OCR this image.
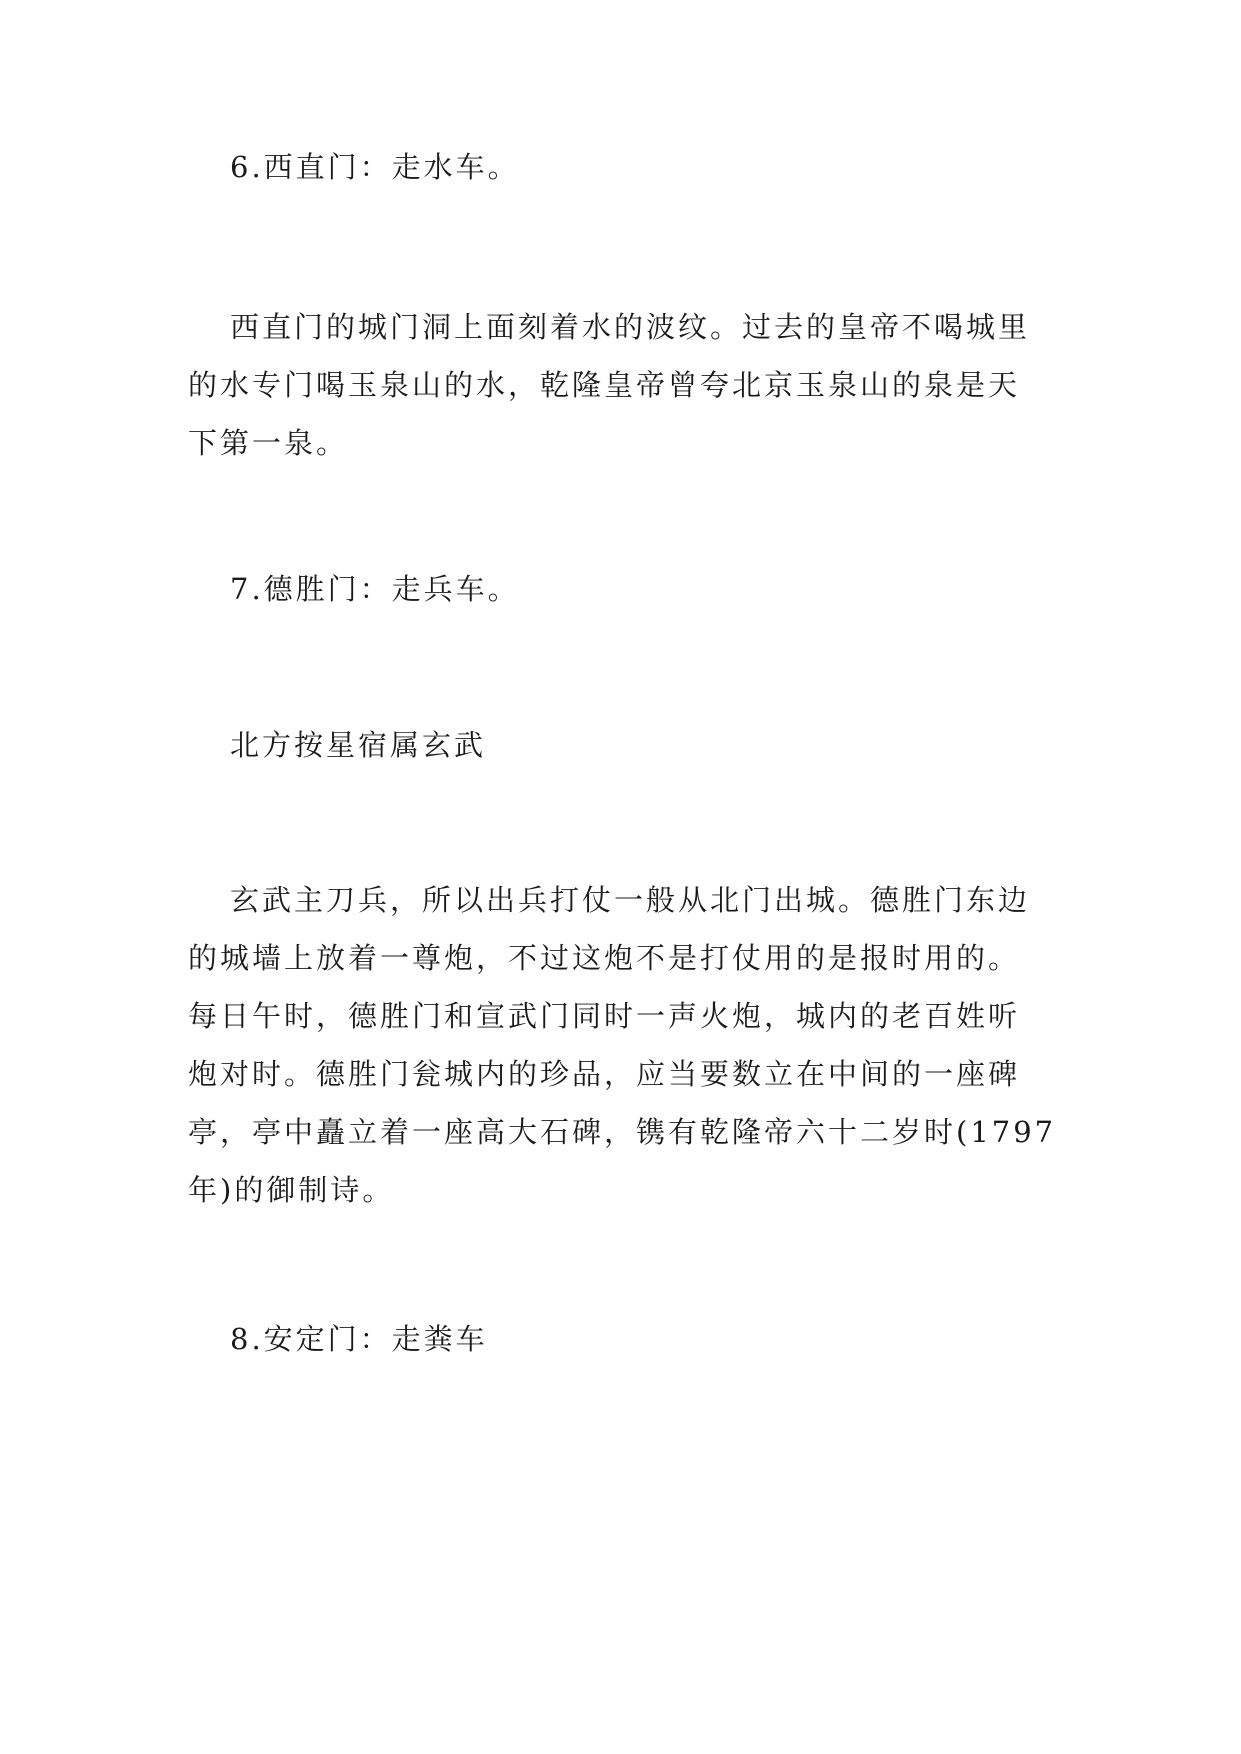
6.西直门：走水车。

西直门的城门洞上面刻着水的波纹。过去的皇帝不喝城里
的水专门喝玉泉山的水，乾隆皇帝曾夸北京玉泉山的泉是天
下第一泉。

7.德胜门：走兵车。

北方按星宿属玄武

玄武主刀兵，所以出兵打仗一般从北门出城。德胜门东边
的城墙上放着一尊炮，不过这炮不是打仗用的是报时用的。
每日午时，德胜门和宣武门同时一声火炮，城内的老百姓听
炮对时。德胜门瓮城内的珍品，应当要数立在中间的一座碑
亭，亭中矗立着一座高大石碑，镌有乾隆帝六十二岁时(1797
年)的御制诗。

8.安定门：走粪车
